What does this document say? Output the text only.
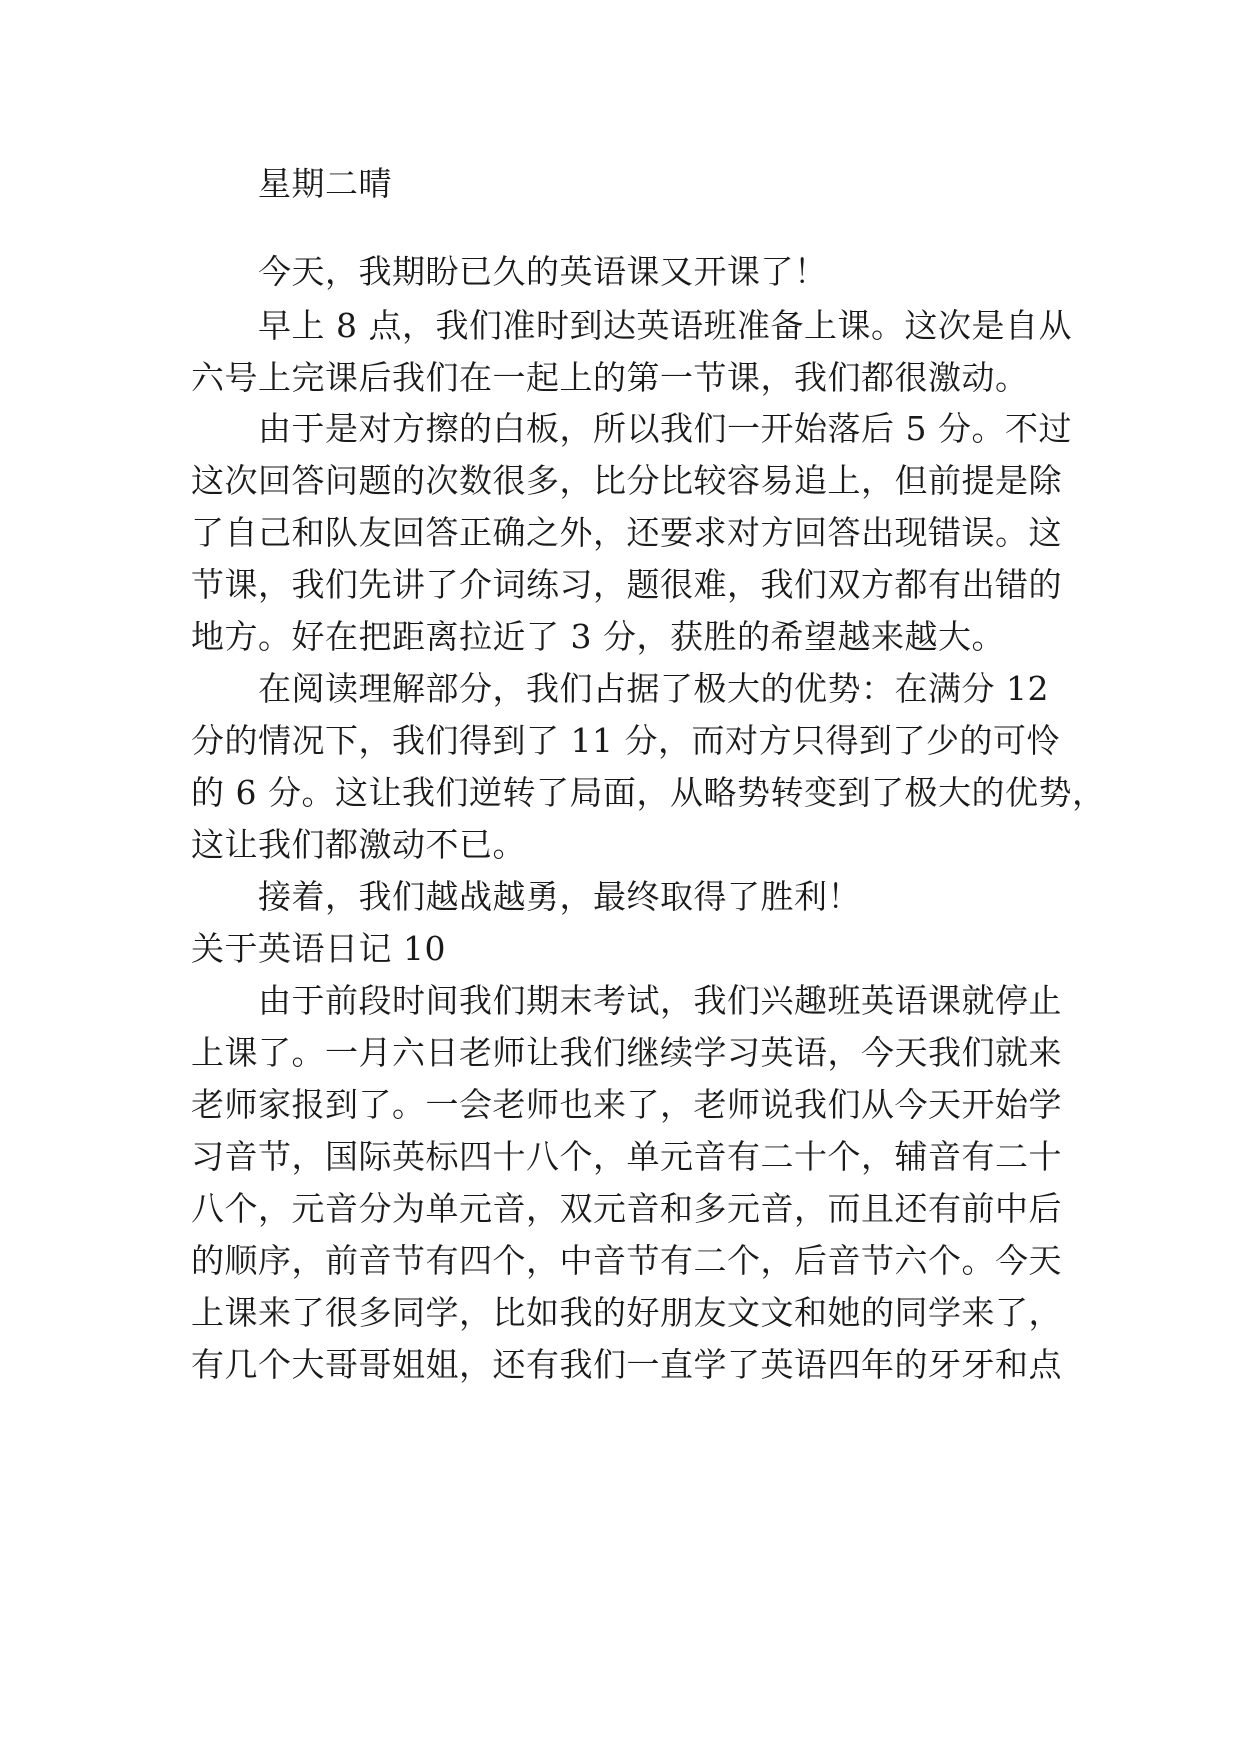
星期二晴
今天，我期盼已久的英语课又开课了！
早上 8 点，我们准时到达英语班准备上课。这次是自从
六号上完课后我们在一起上的第一节课，我们都很激动。
由于是对方擦的白板，所以我们一开始落后 5 分。不过
这次回答问题的次数很多，比分比较容易追上，但前提是除
了自己和队友回答正确之外，还要求对方回答出现错误。这
节课，我们先讲了介词练习，题很难，我们双方都有出错的
地方。好在把距离拉近了 3 分，获胜的希望越来越大。
在阅读理解部分，我们占据了极大的优势：在满分 12
分的情况下，我们得到了 11 分，而对方只得到了少的可怜
的 6 分。这让我们逆转了局面，从略势转变到了极大的优势，
这让我们都激动不已。
接着，我们越战越勇，最终取得了胜利！
关于英语日记 10
由于前段时间我们期末考试，我们兴趣班英语课就停止
上课了。一月六日老师让我们继续学习英语，今天我们就来
老师家报到了。一会老师也来了，老师说我们从今天开始学
习音节，国际英标四十八个，单元音有二十个，辅音有二十
八个，元音分为单元音，双元音和多元音，而且还有前中后
的顺序，前音节有四个，中音节有二个，后音节六个。今天
上课来了很多同学，比如我的好朋友文文和她的同学来了，
有几个大哥哥姐姐，还有我们一直学了英语四年的牙牙和点
